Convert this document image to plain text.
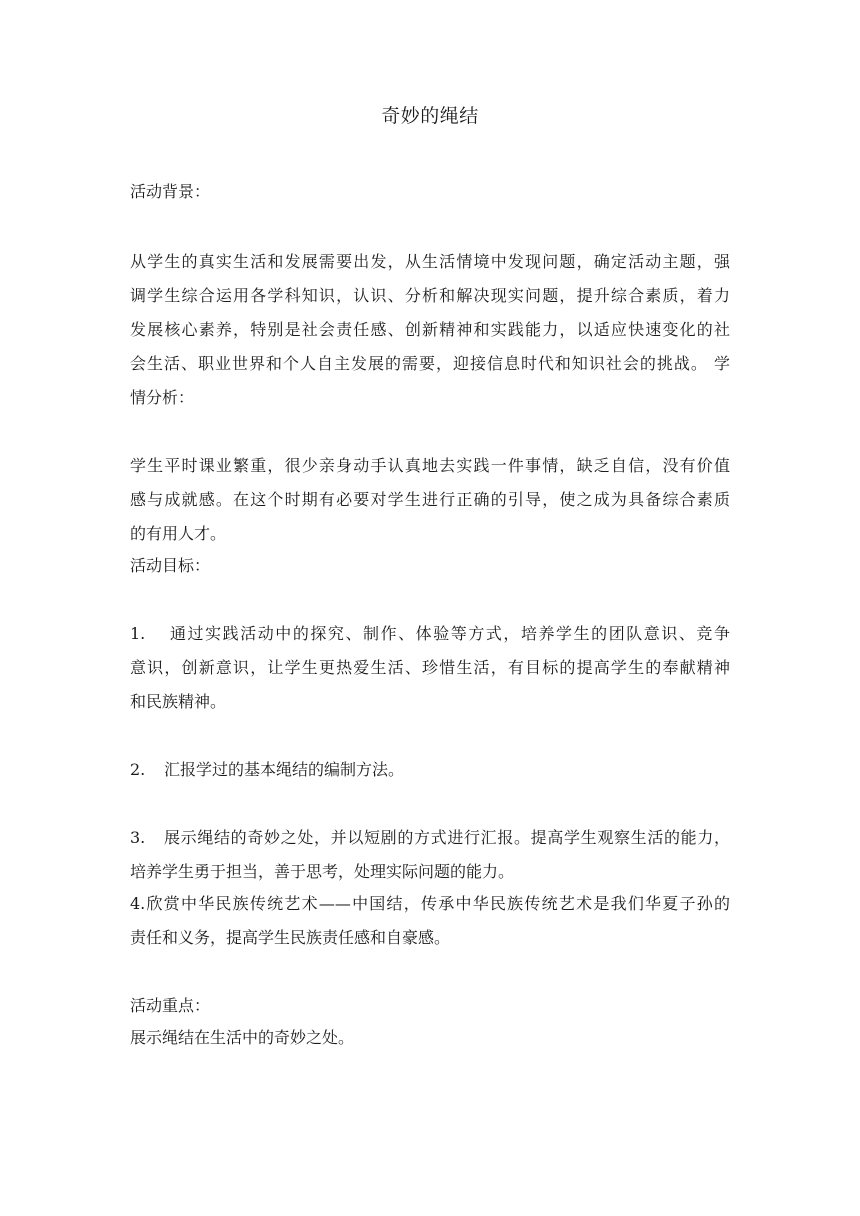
奇妙的绳结
活动背景：
从学生的真实生活和发展需要出发，从生活情境中发现问题，确定活动主题，强
调学生综合运用各学科知识，认识、分析和解决现实问题，提升综合素质，着力
发展核心素养，特别是社会责任感、创新精神和实践能力，以适应快速变化的社
会生活、职业世界和个人自主发展的需要，迎接信息时代和知识社会的挑战。 学
情分析：
学生平时课业繁重，很少亲身动手认真地去实践一件事情，缺乏自信，没有价值
感与成就感。在这个时期有必要对学生进行正确的引导，使之成为具备综合素质
的有用人才。
活动目标：
1.	通过实践活动中的探究、制作、体验等方式，培养学生的团队意识、竞争
意识，创新意识，让学生更热爱生活、珍惜生活，有目标的提高学生的奉献精神
和民族精神。
2. 汇报学过的基本绳结的编制方法。
3.	展示绳结的奇妙之处，并以短剧的方式进行汇报。提高学生观察生活的能力，
培养学生勇于担当，善于思考，处理实际问题的能力。
4.欣赏中华民族传统艺术——中国结，传承中华民族传统艺术是我们华夏子孙的
责任和义务，提高学生民族责任感和自豪感。
活动重点：
展示绳结在生活中的奇妙之处。
